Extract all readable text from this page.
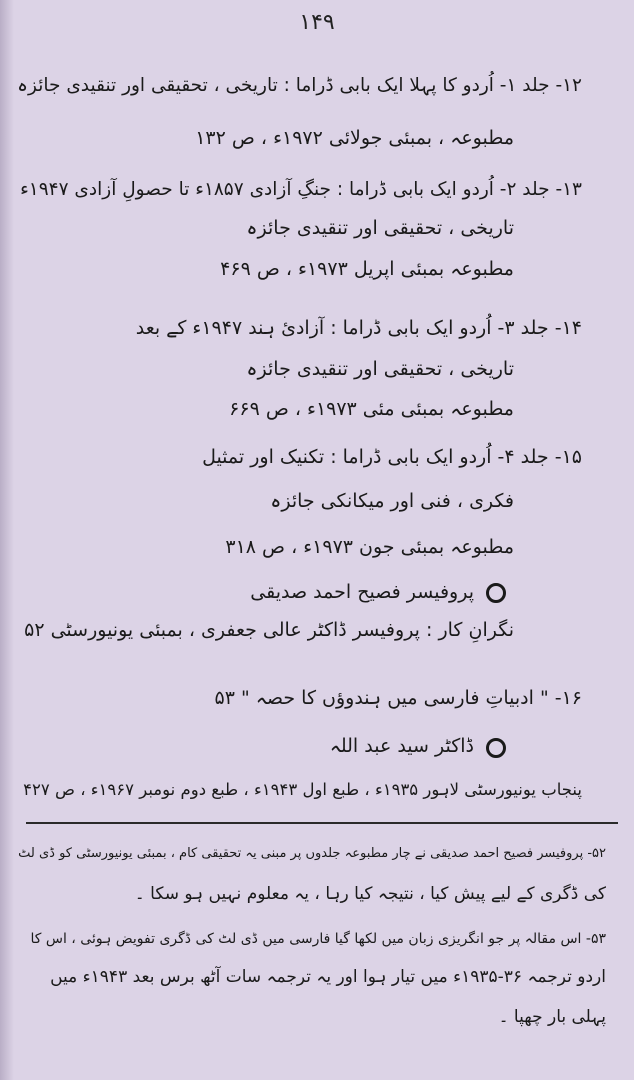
۱۴۹
۱۲- جلد ۱- اُردو کا پہلا ایک بابی ڈراما : تاریخی ، تحقیقی اور تنقیدی جائزہ
مطبوعہ ، بمبئی جولائی ۱۹۷۲ء ، ص ۱۳۲
۱۳- جلد ۲- اُردو ایک بابی ڈراما : جنگِ آزادی ۱۸۵۷ء تا حصولِ آزادی ۱۹۴۷ء
تاریخی ، تحقیقی اور تنقیدی جائزہ
مطبوعہ بمبئی اپریل ۱۹۷۳ء ، ص ۴۶۹
۱۴- جلد ۳- اُردو ایک بابی ڈراما : آزادیٔ ہند ۱۹۴۷ء کے بعد
تاریخی ، تحقیقی اور تنقیدی جائزہ
مطبوعہ بمبئی مئی ۱۹۷۳ء ، ص ۶۶۹
۱۵- جلد ۴- اُردو ایک بابی ڈراما : تکنیک اور تمثیل
فکری ، فنی اور میکانکی جائزہ
مطبوعہ بمبئی جون ۱۹۷۳ء ، ص ۳۱۸
پروفیسر فصیح احمد صدیقی
نگرانِ کار : پروفیسر ڈاکٹر عالی جعفری ، بمبئی یونیورسٹی ۵۲
۱۶- " ادبیاتِ فارسی میں ہندوؤں کا حصہ " ۵۳
ڈاکٹر سید عبد اللہ
پنجاب یونیورسٹی لاہور ۱۹۳۵ء ، طبع اول ۱۹۴۳ء ، طبع دوم نومبر ۱۹۶۷ء ، ص ۴۲۷
۵۲- پروفیسر فصیح احمد صدیقی نے چار مطبوعہ جلدوں پر مبنی یہ تحقیقی کام ، بمبئی یونیورسٹی کو ڈی لٹ
کی ڈگری کے لیے پیش کیا ، نتیجہ کیا رہا ، یہ معلوم نہیں ہو سکا ۔
۵۳- اس مقالہ پر جو انگریزی زبان میں لکھا گیا فارسی میں ڈی لٹ کی ڈگری تفویض ہوئی ، اس کا
اردو ترجمہ ۳۶-۱۹۳۵ء میں تیار ہوا اور یہ ترجمہ سات آٹھ برس بعد ۱۹۴۳ء میں
پہلی بار چھپا ۔
